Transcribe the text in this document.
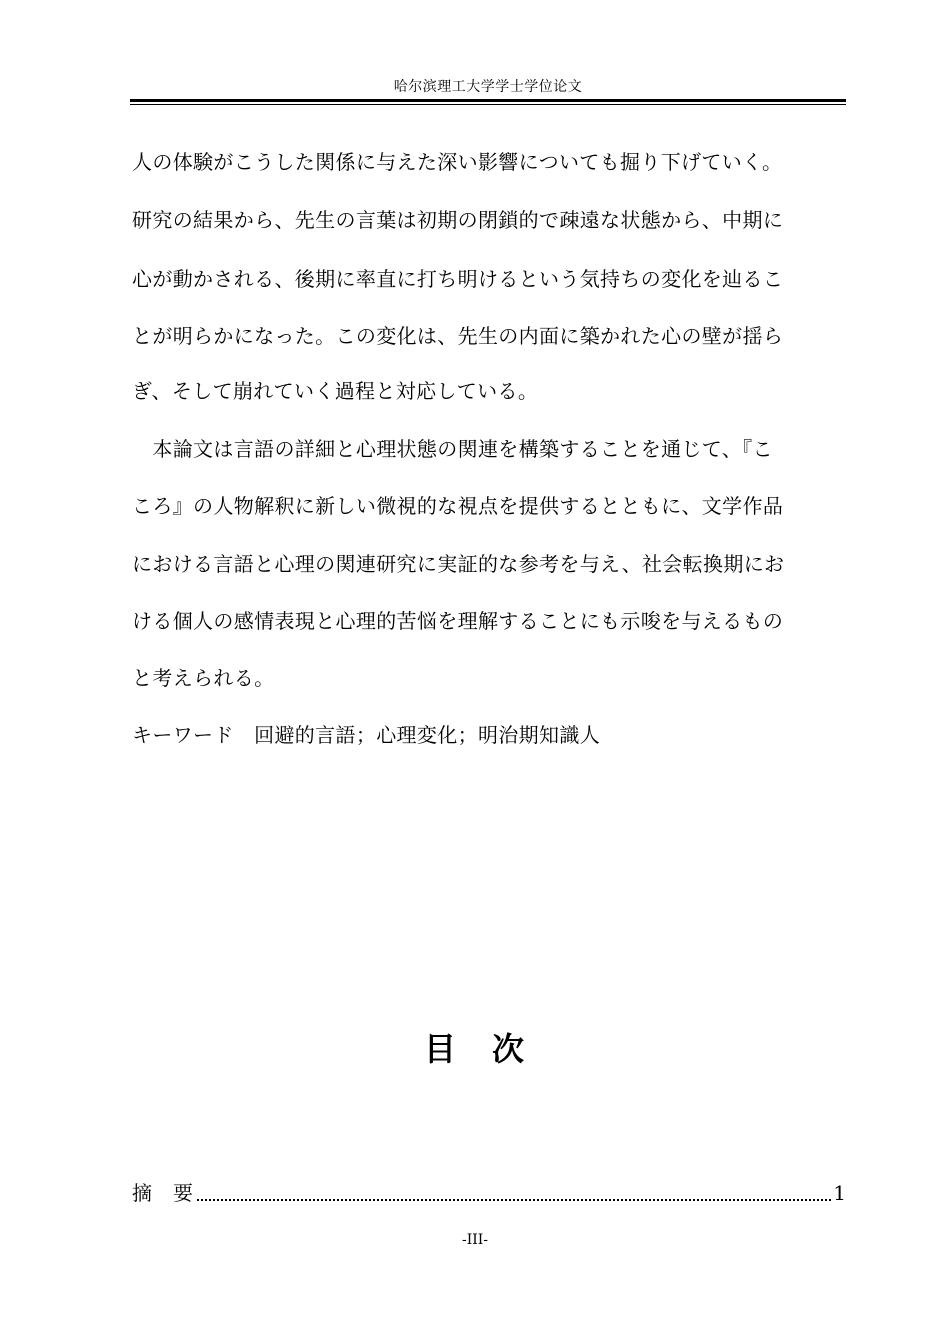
哈尔滨理工大学学士学位论文
人の体験がこうした関係に与えた深い影響についても掘り下げていく。
研究の結果から、先生の言葉は初期の閉鎖的で疎遠な状態から、中期に
心が動かされる、後期に率直に打ち明けるという気持ちの変化を辿るこ
とが明らかになった。この変化は、先生の内面に築かれた心の壁が揺ら
ぎ、そして崩れていく過程と対応している。
　本論文は言語の詳細と心理状態の関連を構築することを通じて、『こ
ころ』の人物解釈に新しい微視的な視点を提供するとともに、文学作品
における言語と心理の関連研究に実証的な参考を与え、社会転換期にお
ける個人の感情表現と心理的苦悩を理解することにも示唆を与えるもの
と考えられる。
キーワード　回避的言語；心理変化；明治期知識人
目　次
摘　要	1
-III-
